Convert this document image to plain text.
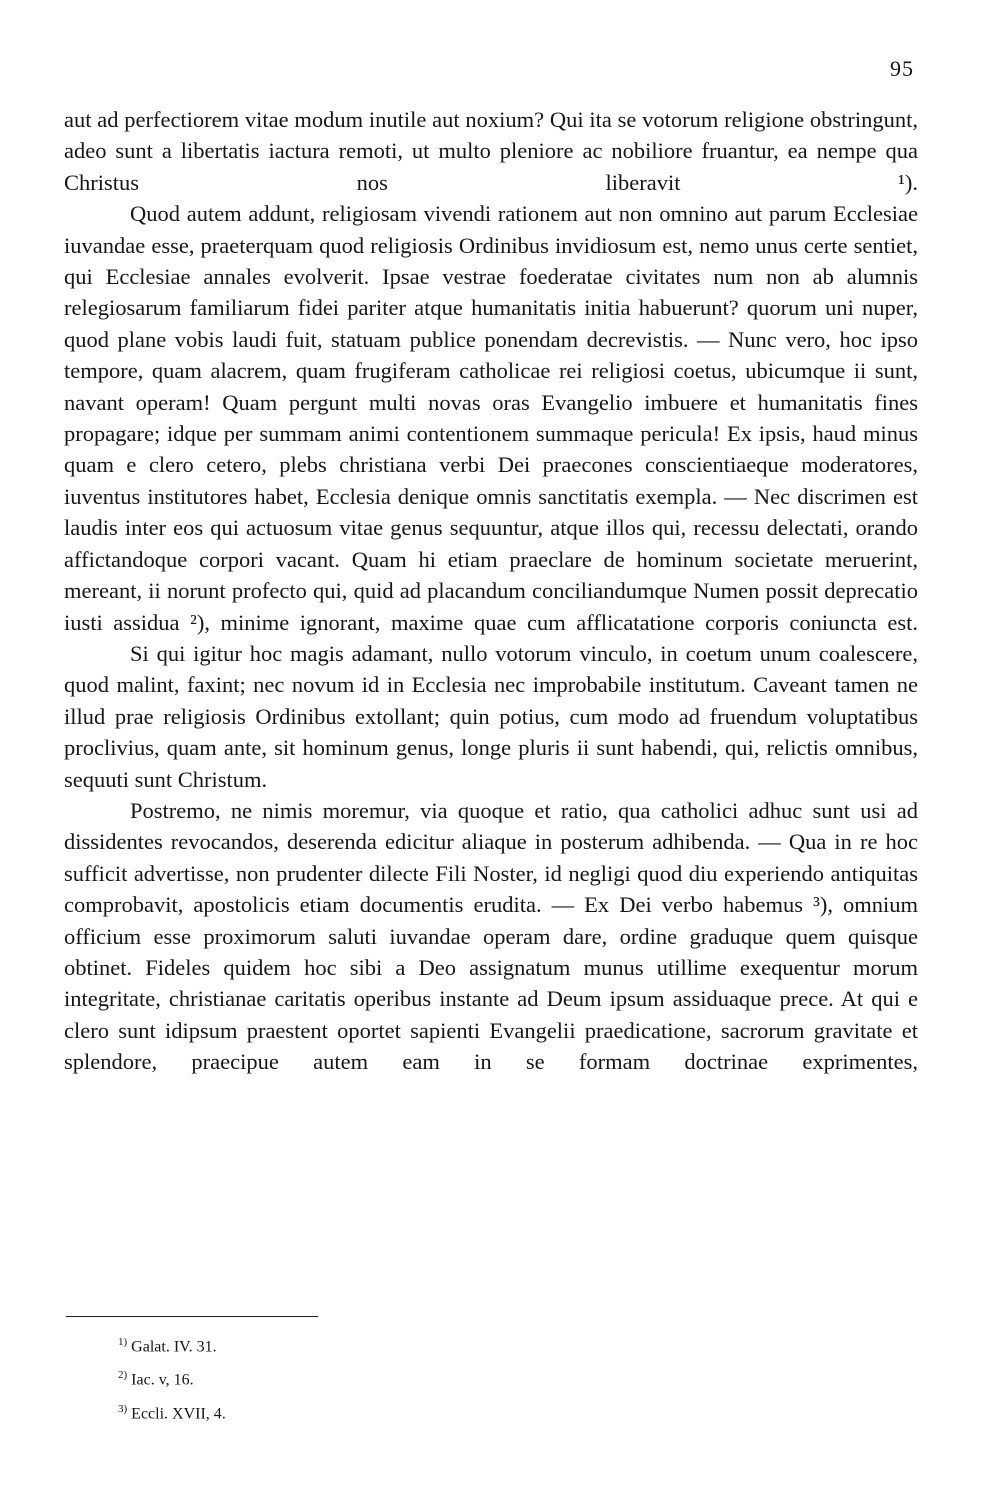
95

aut ad perfectiorem vitae modum inutile aut noxium? Qui ita se votorum religione obstringunt, adeo sunt a libertatis iactura remoti, ut multo pleniore ac nobiliore fruantur, ea nempe qua Christus nos liberavit ¹).

Quod autem addunt, religiosam vivendi rationem aut non omnino aut parum Ecclesiae iuvandae esse, praeterquam quod religiosis Ordinibus invidiosum est, nemo unus certe sentiet, qui Ecclesiae annales evolverit. Ipsae vestrae foederatae civitates num non ab alumnis relegiosarum familiarum fidei pariter atque humanitatis initia habuerunt? quorum uni nuper, quod plane vobis laudi fuit, statuam publice ponendam decrevistis. — Nunc vero, hoc ipso tempore, quam alacrem, quam frugiferam catholicae rei religiosi coetus, ubicumque ii sunt, navant operam! Quam pergunt multi novas oras Evangelio imbuere et humanitatis fines propagare; idque per summam animi contentionem summaque pericula! Ex ipsis, haud minus quam e clero cetero, plebs christiana verbi Dei praecones conscientiaeque moderatores, iuventus institutores habet, Ecclesia denique omnis sanctitatis exempla. — Nec discrimen est laudis inter eos qui actuosum vitae genus sequuntur, atque illos qui, recessu delectati, orando affictandoque corpori vacant. Quam hi etiam praeclare de hominum societate meruerint, mereant, ii norunt profecto qui, quid ad placandum conciliandumque Numen possit deprecatio iusti assidua ²), minime ignorant, maxime quae cum afflicatatione corporis coniuncta est.

Si qui igitur hoc magis adamant, nullo votorum vinculo, in coetum unum coalescere, quod malint, faxint; nec novum id in Ecclesia nec improbabile institutum. Caveant tamen ne illud prae religiosis Ordinibus extollant; quin potius, cum modo ad fruendum voluptatibus proclivius, quam ante, sit hominum genus, longe pluris ii sunt habendi, qui, relictis omnibus, sequuti sunt Christum.

Postremo, ne nimis moremur, via quoque et ratio, qua catholici adhuc sunt usi ad dissidentes revocandos, deserenda edicitur aliaque in posterum adhibenda. — Qua in re hoc sufficit advertisse, non prudenter dilecte Fili Noster, id negligi quod diu experiendo antiquitas comprobavit, apostolicis etiam documentis erudita. — Ex Dei verbo habemus ³), omnium officium esse proximorum saluti iuvandae operam dare, ordine graduque quem quisque obtinet. Fideles quidem hoc sibi a Deo assignatum munus utillime exequentur morum integritate, christianae caritatis operibus instante ad Deum ipsum assiduaque prece. At qui e clero sunt idipsum praestent oportet sapienti Evangelii praedicatione, sacrorum gravitate et splendore, praecipue autem eam in se formam doctrinae exprimentes,

$^{1)}$ Galat. IV. 31.
$^{2)}$ Iac. v, 16.
$^{3)}$ Eccli. XVII, 4.
